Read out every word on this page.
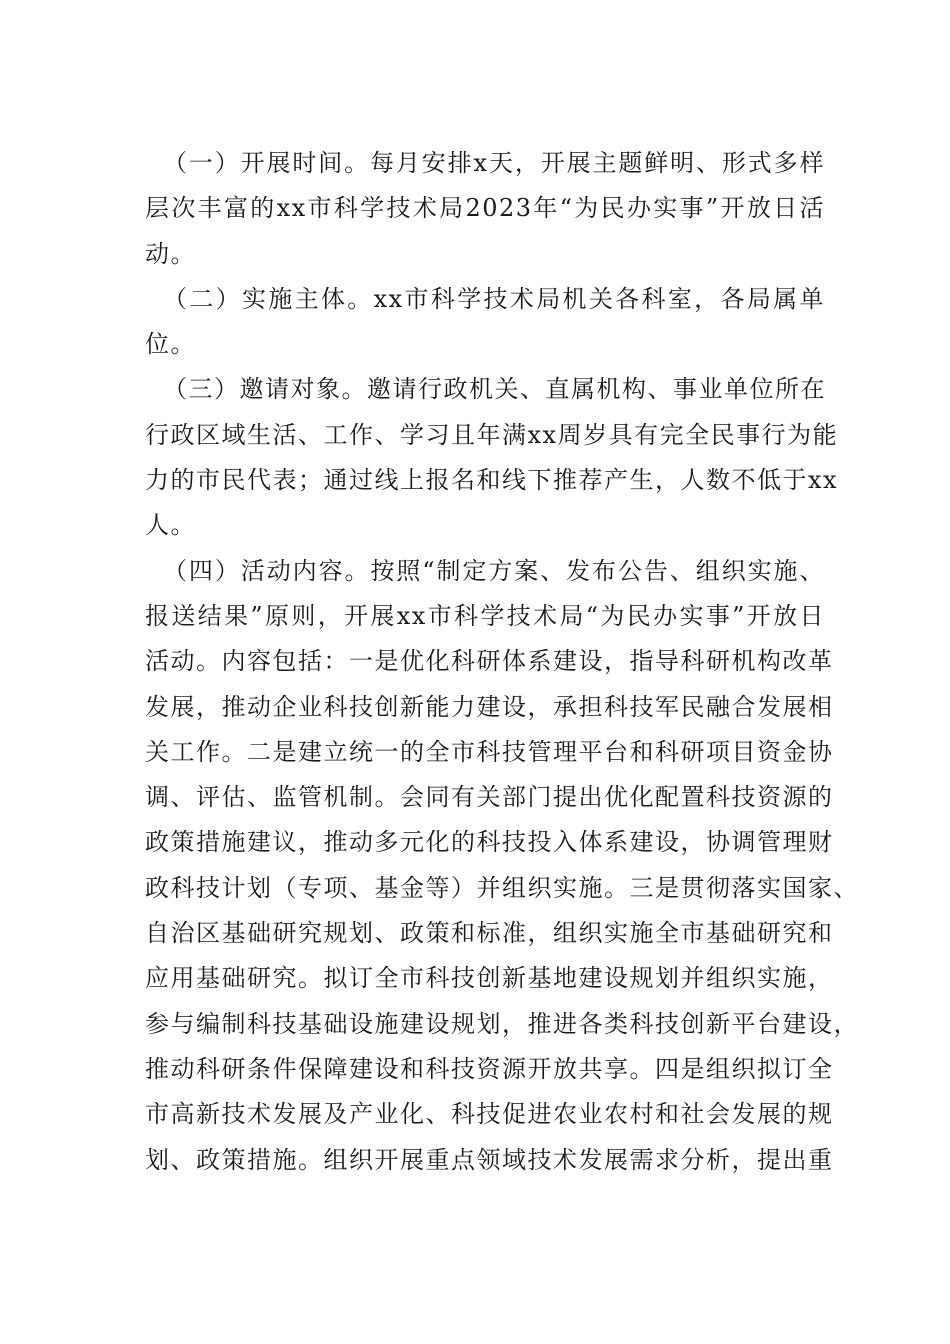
（一）开展时间。每月安排x天，开展主题鲜明、形式多样
层次丰富的xx市科学技术局2023年“为民办实事”开放日活
动。
（二）实施主体。xx市科学技术局机关各科室，各局属单
位。
（三）邀请对象。邀请行政机关、直属机构、事业单位所在
行政区域生活、工作、学习且年满xx周岁具有完全民事行为能
力的市民代表；通过线上报名和线下推荐产生，人数不低于xx
人。
（四）活动内容。按照“制定方案、发布公告、组织实施、
报送结果”原则，开展xx市科学技术局“为民办实事”开放日
活动。内容包括：一是优化科研体系建设，指导科研机构改革
发展，推动企业科技创新能力建设，承担科技军民融合发展相
关工作。二是建立统一的全市科技管理平台和科研项目资金协
调、评估、监管机制。会同有关部门提出优化配置科技资源的
政策措施建议，推动多元化的科技投入体系建设，协调管理财
政科技计划（专项、基金等）并组织实施。三是贯彻落实国家、
自治区基础研究规划、政策和标准，组织实施全市基础研究和
应用基础研究。拟订全市科技创新基地建设规划并组织实施，
参与编制科技基础设施建设规划，推进各类科技创新平台建设，
推动科研条件保障建设和科技资源开放共享。四是组织拟订全
市高新技术发展及产业化、科技促进农业农村和社会发展的规
划、政策措施。组织开展重点领域技术发展需求分析，提出重
